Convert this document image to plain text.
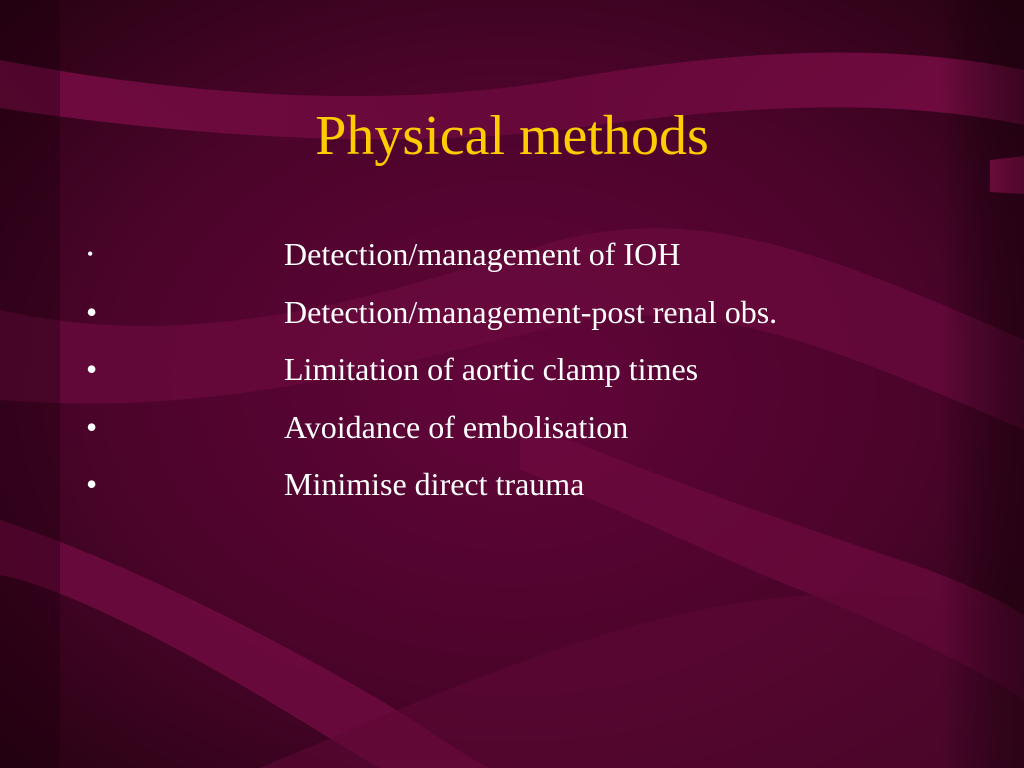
Physical methods
•	Detection/management of IOH
•	Detection/management-post renal obs.
•	Limitation of aortic clamp times
•	Avoidance of embolisation
•	Minimise direct trauma
